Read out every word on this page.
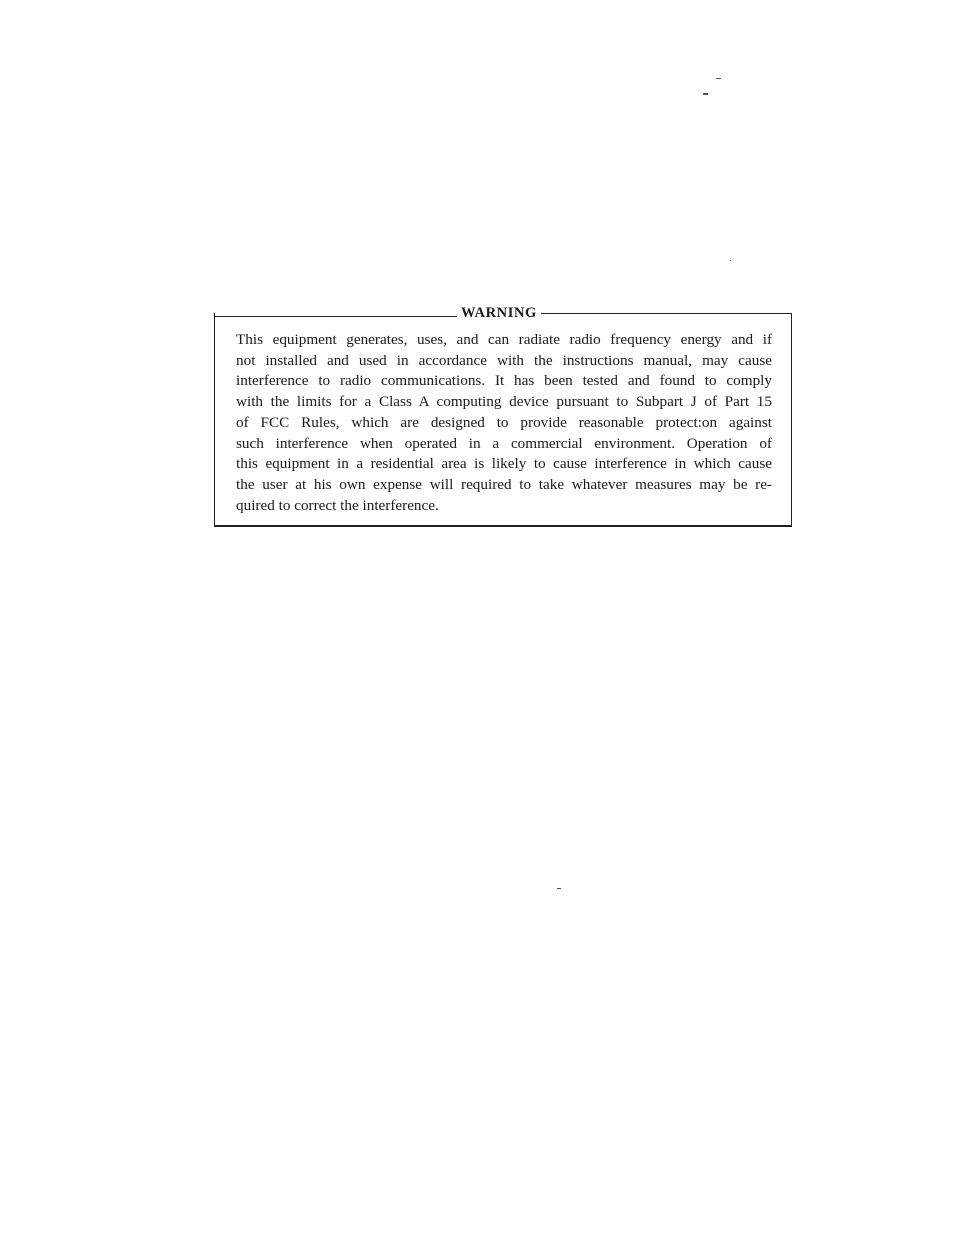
WARNING
This equipment generates, uses, and can radiate radio frequency energy and if
not installed and used in accordance with the instructions manual, may cause
interference to radio communications. It has been tested and found to comply
with the limits for a Class A computing device pursuant to Subpart J of Part 15
of FCC Rules, which are designed to provide reasonable protect:on against
such interference when operated in a commercial environment. Operation of
this equipment in a residential area is likely to cause interference in which cause
the user at his own expense will required to take whatever measures may be re-
quired to correct the interference.
